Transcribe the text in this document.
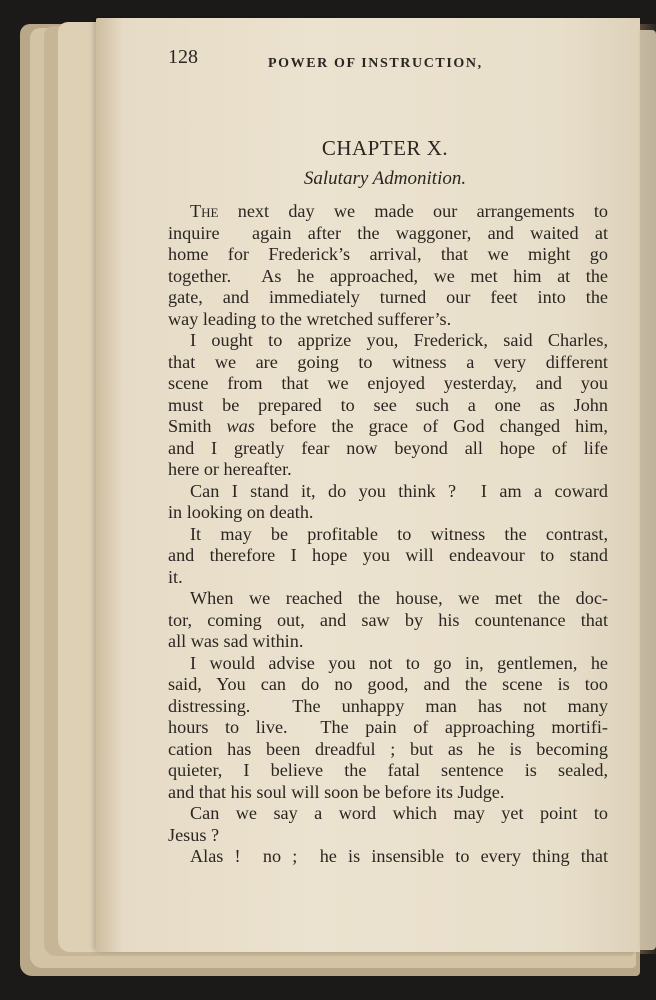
128	POWER OF INSTRUCTION,
CHAPTER X.
Salutary Admonition.
The next day we made our arrangements to
inquire  again after the waggoner, and waited at
home for Frederick’s arrival, that we might go
together.  As he approached, we met him at the
gate, and immediately turned our feet into the
way leading to the wretched sufferer’s.
I ought to apprize you, Frederick, said Charles,
that we are going to witness a very different
scene from that we enjoyed yesterday, and you
must be prepared to see such a one as John
Smith was before the grace of God changed him,
and I greatly fear now beyond all hope of life
here or hereafter.
Can I stand it, do you think ?  I am a coward
in looking on death.
It may be profitable to witness the contrast,
and therefore I hope you will endeavour to stand
it.
When we reached the house, we met the doc-
tor, coming out, and saw by his countenance that
all was sad within.
I would advise you not to go in, gentlemen, he
said, You can do no good, and the scene is too
distressing.  The unhappy man has not many
hours to live.  The pain of approaching mortifi-
cation has been dreadful ; but as he is becoming
quieter, I believe the fatal sentence is sealed,
and that his soul will soon be before its Judge.
Can we say a word which may yet point to
Jesus ?
Alas !  no ;  he is insensible to every thing that
